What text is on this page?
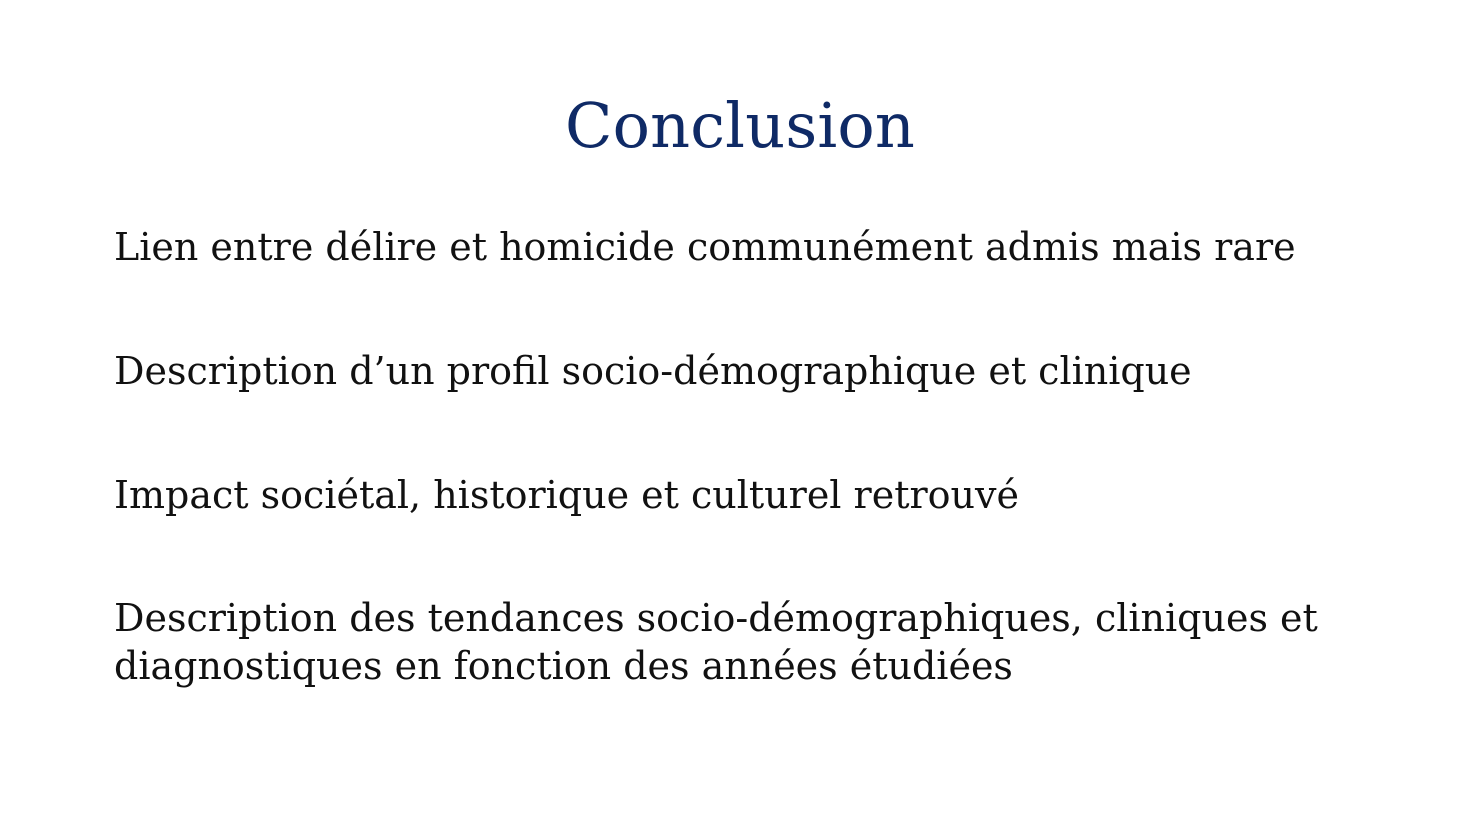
Conclusion
Lien entre délire et homicide communément admis mais rare
Description d’un profil socio-démographique et clinique
Impact sociétal, historique et culturel retrouvé
Description des tendances socio-démographiques, cliniques et diagnostiques en fonction des années étudiées
